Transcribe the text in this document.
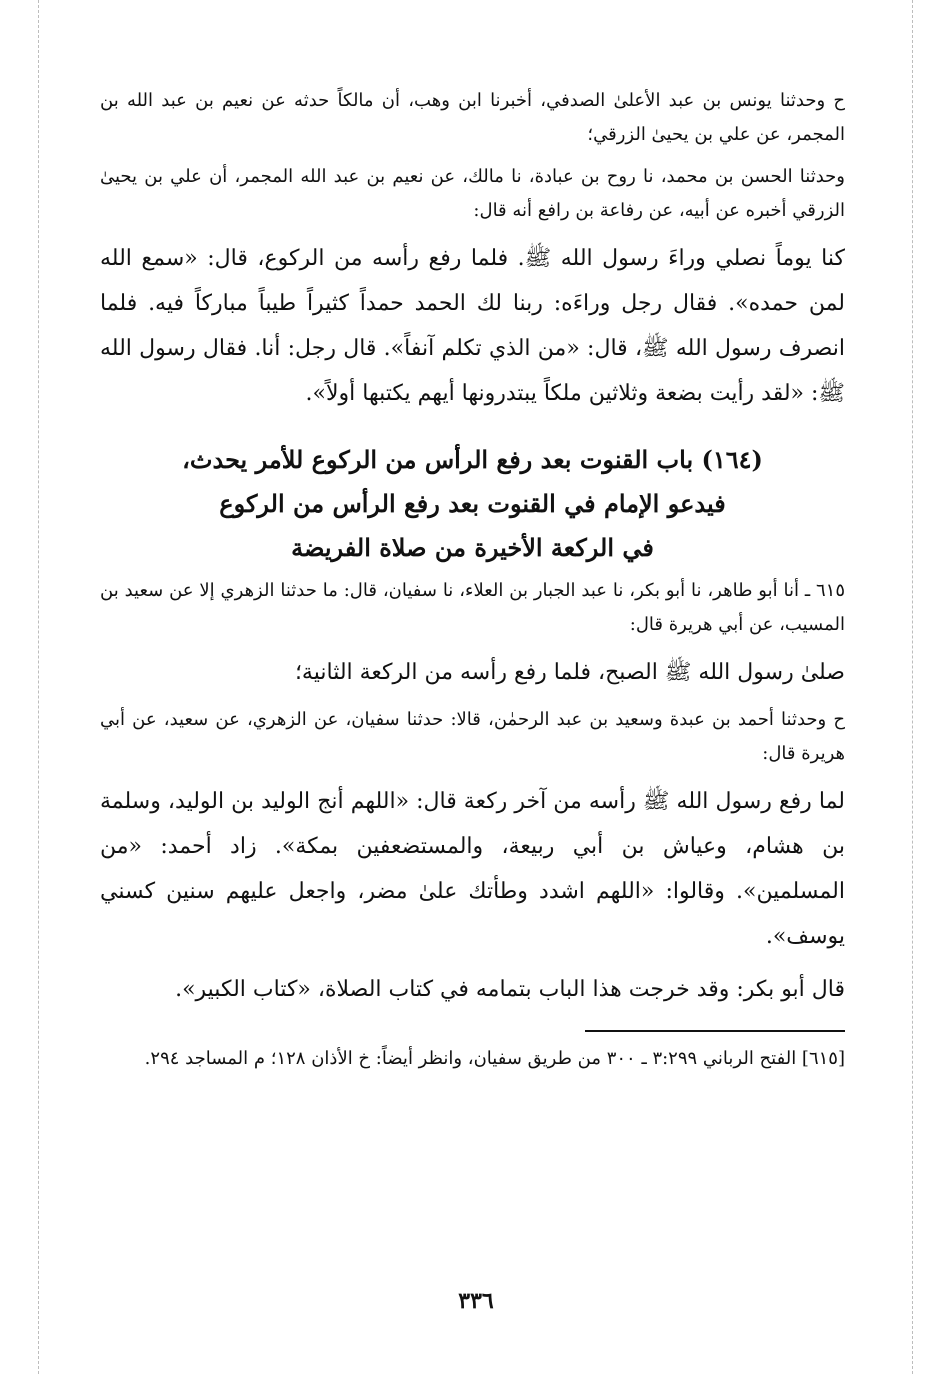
ح وحدثنا يونس بن عبد الأعلىٰ الصدفي، أخبرنا ابن وهب، أن مالكاً حدثه عن نعيم بن عبد الله بن المجمر، عن علي بن يحيىٰ الزرقي؛

وحدثنا الحسن بن محمد، نا روح بن عبادة، نا مالك، عن نعيم بن عبد الله المجمر، أن علي بن يحيىٰ الزرقي أخبره عن أبيه، عن رفاعة بن رافع أنه قال:

كنا يوماً نصلي وراءَ رسول الله ﷺ. فلما رفع رأسه من الركوع، قال: «سمع الله لمن حمده». فقال رجل وراءَه: ربنا لك الحمد حمداً كثيراً طيباً مباركاً فيه. فلما انصرف رسول الله ﷺ، قال: «من الذي تكلم آنفاً». قال رجل: أنا. فقال رسول الله ﷺ: «لقد رأيت بضعة وثلاثين ملكاً يبتدرونها أيهم يكتبها أولاً».

(١٦٤) باب القنوت بعد رفع الرأس من الركوع للأمر يحدث،
فيدعو الإمام في القنوت بعد رفع الرأس من الركوع
في الركعة الأخيرة من صلاة الفريضة

٦١٥ ـ أنا أبو طاهر، نا أبو بكر، نا عبد الجبار بن العلاء، نا سفيان، قال: ما حدثنا الزهري إلا عن سعيد بن المسيب، عن أبي هريرة قال:

صلىٰ رسول الله ﷺ الصبح، فلما رفع رأسه من الركعة الثانية؛

ح وحدثنا أحمد بن عبدة وسعيد بن عبد الرحمٰن، قالا: حدثنا سفيان، عن الزهري، عن سعيد، عن أبي هريرة قال:

لما رفع رسول الله ﷺ رأسه من آخر ركعة قال: «اللهم أنج الوليد بن الوليد، وسلمة بن هشام، وعياش بن أبي ربيعة، والمستضعفين بمكة». زاد أحمد: «من المسلمين». وقالوا: «اللهم اشدد وطأتك علىٰ مضر، واجعل عليهم سنين كسني يوسف».

قال أبو بكر: وقد خرجت هذا الباب بتمامه في كتاب الصلاة، «كتاب الكبير».

[٦١٥] الفتح الرباني ٣:٢٩٩ ـ ٣٠٠ من طريق سفيان، وانظر أيضاً: خ الأذان ١٢٨؛ م المساجد ٢٩٤.

٣٣٦
